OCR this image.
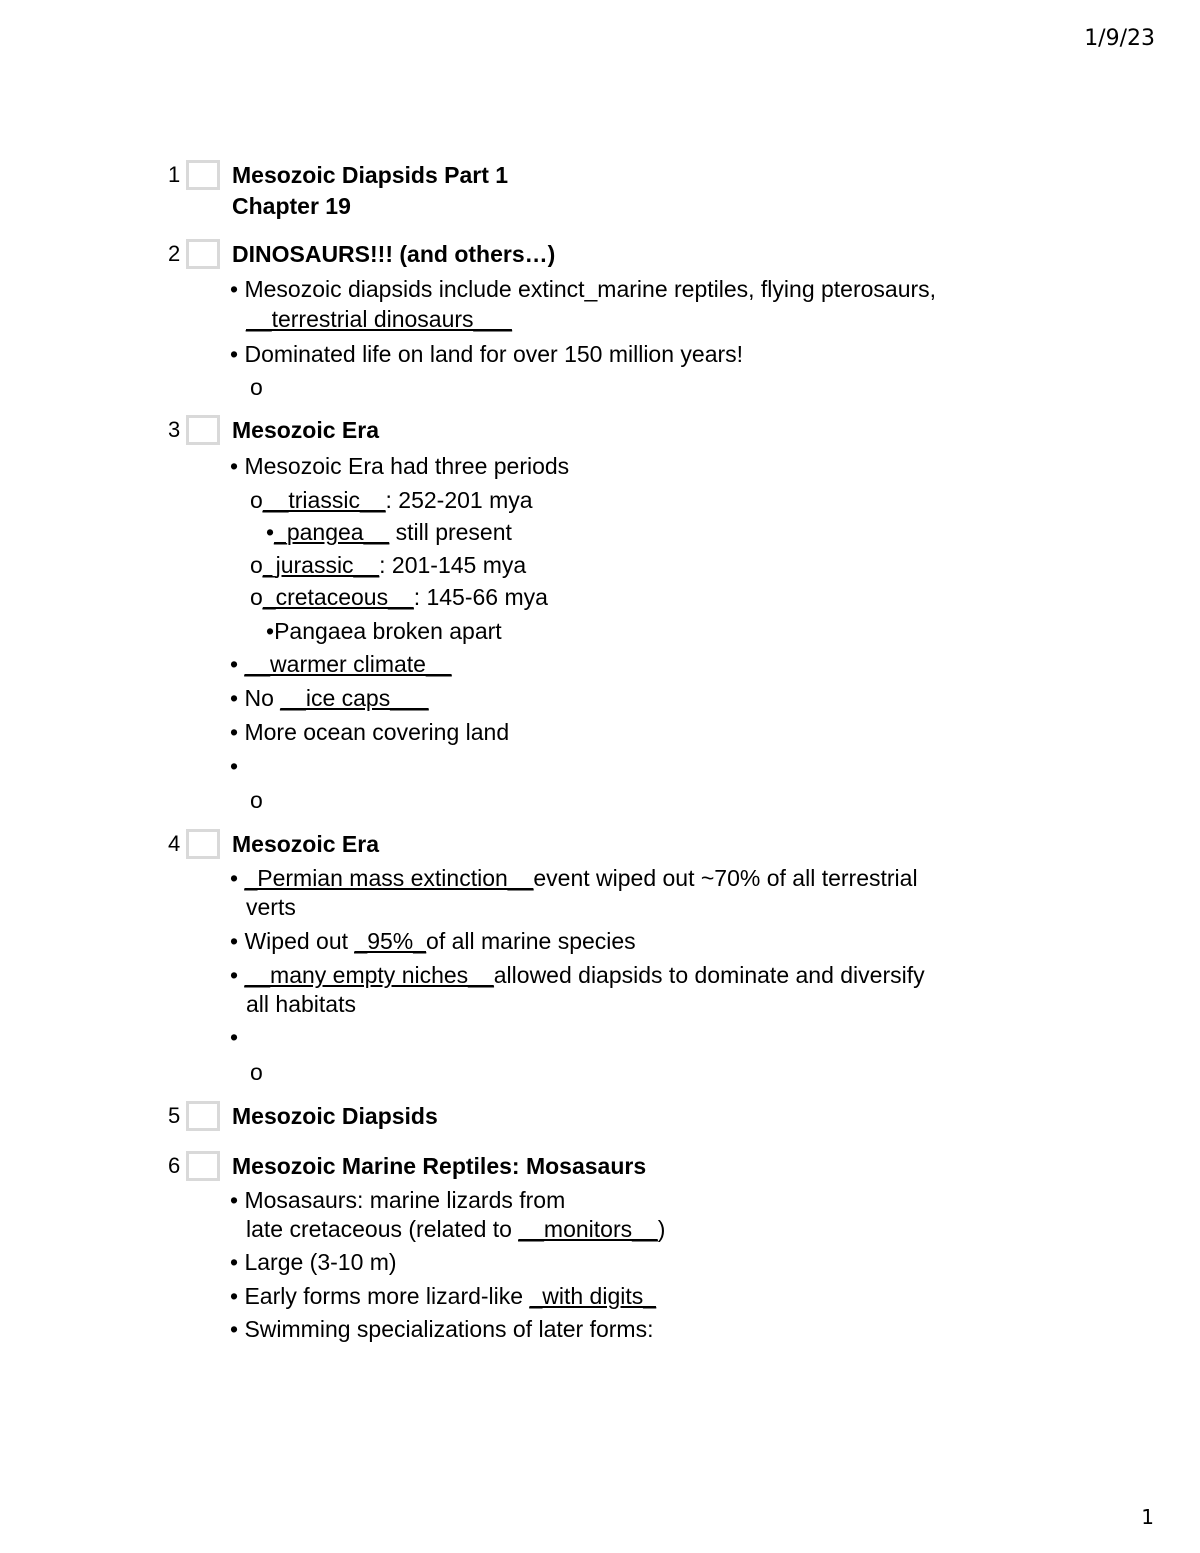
1/9/23
1 Mesozoic Diapsids Part 1
Chapter 19
2 DINOSAURS!!! (and others…)
• Mesozoic diapsids include extinct_marine reptiles, flying pterosaurs,
__terrestrial dinosaurs___
• Dominated life on land for over 150 million years!
o
3 Mesozoic Era
• Mesozoic Era had three periods
o__triassic__: 252-201 mya
•_pangea__ still present
o_jurassic__: 201-145 mya
o_cretaceous__: 145-66 mya
•Pangaea broken apart
• __warmer climate__
• No __ice caps___
• More ocean covering land
•
o
4 Mesozoic Era
• _Permian mass extinction__event wiped out ~70% of all terrestrial
verts
• Wiped out _95%_of all marine species
• __many empty niches__allowed diapsids to dominate and diversify
all habitats
•
o
5 Mesozoic Diapsids
6 Mesozoic Marine Reptiles: Mosasaurs
• Mosasaurs: marine lizards from
late cretaceous (related to __monitors__)
• Large (3-10 m)
• Early forms more lizard-like _with digits_
• Swimming specializations of later forms:
1
